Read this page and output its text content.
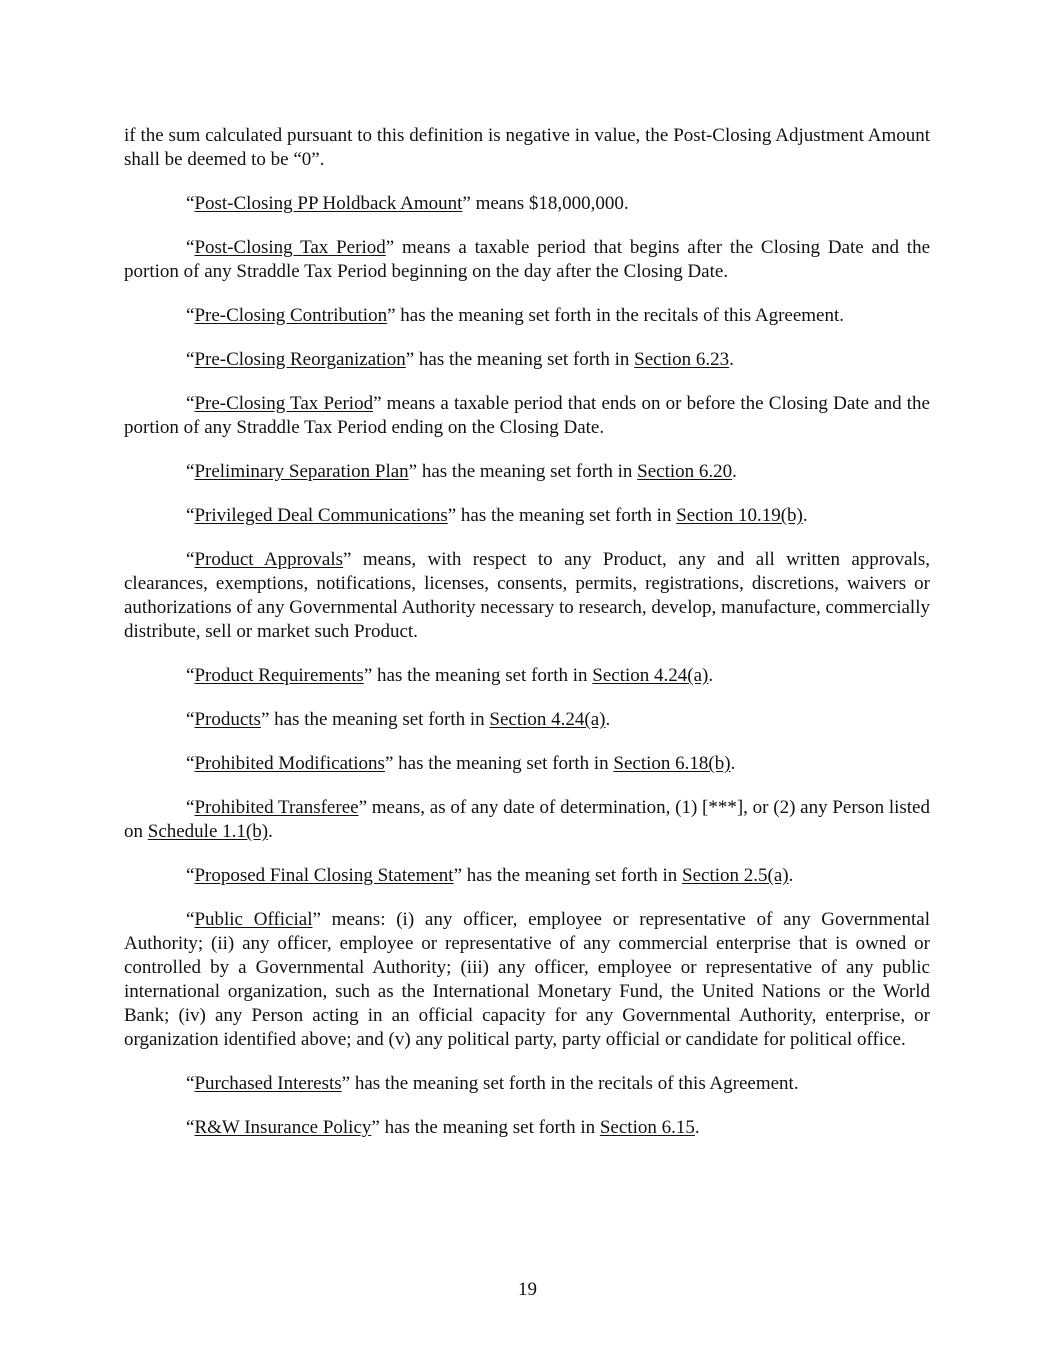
if the sum calculated pursuant to this definition is negative in value, the Post-Closing Adjustment Amount shall be deemed to be “0”.

“Post-Closing PP Holdback Amount” means $18,000,000.

“Post-Closing Tax Period” means a taxable period that begins after the Closing Date and the portion of any Straddle Tax Period beginning on the day after the Closing Date.

“Pre-Closing Contribution” has the meaning set forth in the recitals of this Agreement.

“Pre-Closing Reorganization” has the meaning set forth in Section 6.23.

“Pre-Closing Tax Period” means a taxable period that ends on or before the Closing Date and the portion of any Straddle Tax Period ending on the Closing Date.

“Preliminary Separation Plan” has the meaning set forth in Section 6.20.

“Privileged Deal Communications” has the meaning set forth in Section 10.19(b).

“Product Approvals” means, with respect to any Product, any and all written approvals, clearances, exemptions, notifications, licenses, consents, permits, registrations, discretions, waivers or authorizations of any Governmental Authority necessary to research, develop, manufacture, commercially distribute, sell or market such Product.

“Product Requirements” has the meaning set forth in Section 4.24(a).

“Products” has the meaning set forth in Section 4.24(a).

“Prohibited Modifications” has the meaning set forth in Section 6.18(b).

“Prohibited Transferee” means, as of any date of determination, (1) [***], or (2) any Person listed on Schedule 1.1(b).

“Proposed Final Closing Statement” has the meaning set forth in Section 2.5(a).

“Public Official” means: (i) any officer, employee or representative of any Governmental Authority; (ii) any officer, employee or representative of any commercial enterprise that is owned or controlled by a Governmental Authority; (iii) any officer, employee or representative of any public international organization, such as the International Monetary Fund, the United Nations or the World Bank; (iv) any Person acting in an official capacity for any Governmental Authority, enterprise, or organization identified above; and (v) any political party, party official or candidate for political office.

“Purchased Interests” has the meaning set forth in the recitals of this Agreement.

“R&W Insurance Policy” has the meaning set forth in Section 6.15.

19
